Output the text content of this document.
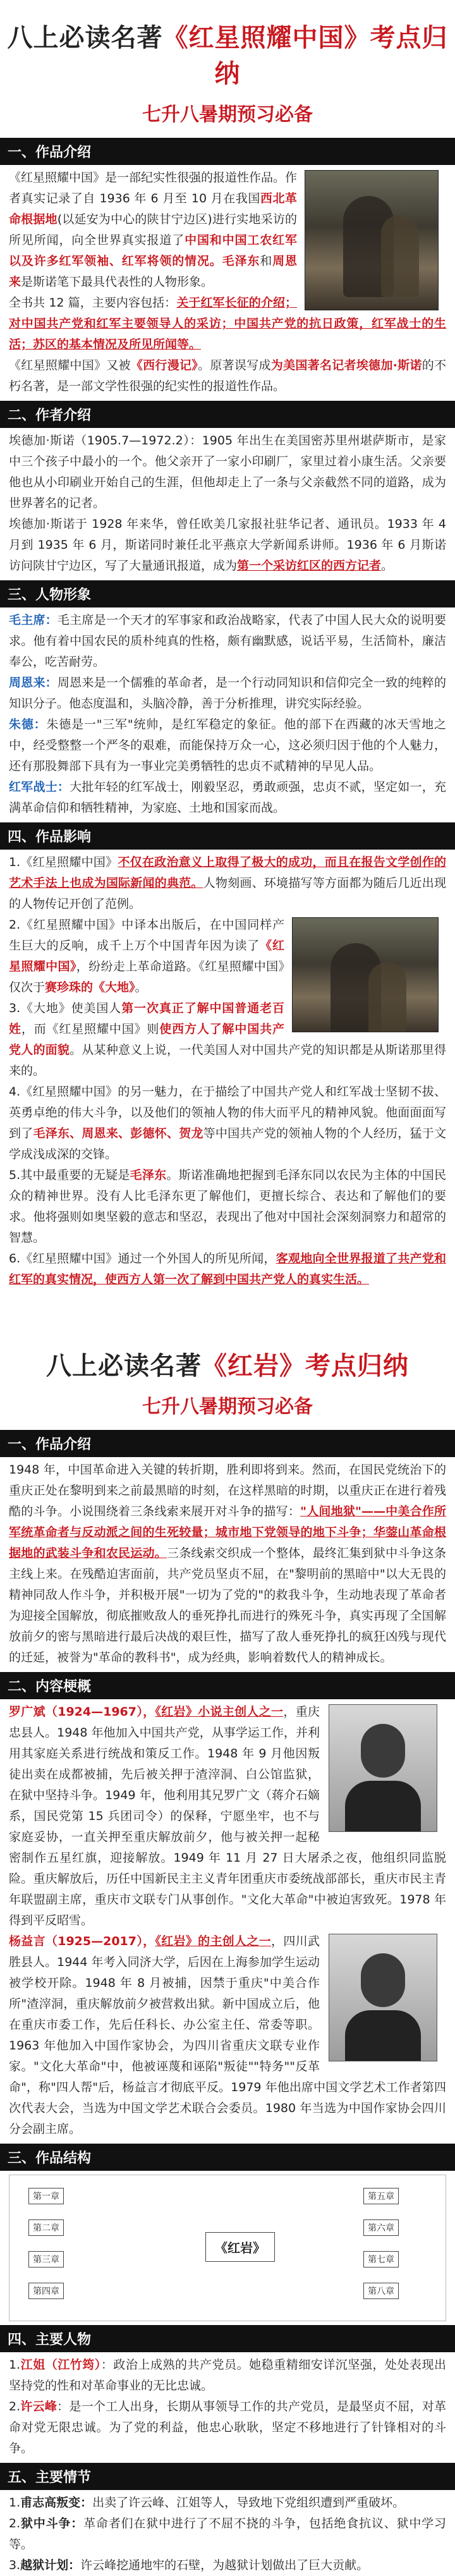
八上必读名著《红星照耀中国》考点归纳
七升八暑期预习必备
一、作品介绍
《红星照耀中国》是一部纪实性很强的报道性作品。作者真实记录了自 1936 年 6 月至 10 月在我国西北革命根据地(以延安为中心的陕甘宁边区)进行实地采访的所见所闻，向全世界真实报道了中国和中国工农红军以及许多红军领袖、红军将领的情况。毛泽东和周恩来是斯诺笔下最具代表性的人物形象。
全书共 12 篇，主要内容包括：关于红军长征的介绍；对中国共产党和红军主要领导人的采访；中国共产党的抗日政策，红军战士的生活；苏区的基本情况及所见所闻等。
《红星照耀中国》又被《西行漫记》。原著误写成为美国著名记者埃德加·斯诺的不朽名著，是一部文学性很强的纪实性的报道性作品。
二、作者介绍
埃德加·斯诺（1905.7—1972.2）：1905 年出生在美国密苏里州堪萨斯市，是家中三个孩子中最小的一个。他父亲开了一家小印刷厂，家里过着小康生活。父亲要他也从小印刷业开始自己的生涯，但他却走上了一条与父亲截然不同的道路，成为世界著名的记者。
埃德加·斯诺于 1928 年来华，曾任欧美几家报社驻华记者、通讯员。1933 年 4 月到 1935 年 6 月，斯诺同时兼任北平燕京大学新闻系讲师。1936 年 6 月斯诺访问陕甘宁边区，写了大量通讯报道，成为第一个采访红区的西方记者。
三、人物形象
毛主席：毛主席是一个天才的军事家和政治战略家，代表了中国人民大众的说明要求。他有着中国农民的质朴纯真的性格，颇有幽默感，说话平易，生活简朴，廉洁奉公，吃苦耐劳。
周恩来：周恩来是一个儒雅的革命者，是一个行动同知识和信仰完全一致的纯粹的知识分子。他态度温和，头脑冷静，善于分析推理，讲究实际经验。
朱德：朱德是一"三军"统帅，是红军稳定的象征。他的部下在西藏的冰天雪地之中，经受整整一个严冬的艰难，而能保持万众一心，这必须归因于他的个人魅力，还有那股舞部下具有为一事业完美勇牺牲的忠贞不贰精神的早见人品。
红军战士：大批年轻的红军战士，刚毅坚忍，勇敢顽强，忠贞不贰，坚定如一，充满革命信仰和牺牲精神，为家庭、土地和国家而战。
四、作品影响
1.《红星照耀中国》不仅在政治意义上取得了极大的成功，而且在报告文学创作的艺术手法上也成为国际新闻的典范。人物刻画、环境描写等方面都为随后几近出现的人物传记开创了范例。

2.《红星照耀中国》中译本出版后，在中国同样产生巨大的反响，成千上万个中国青年因为读了《红星照耀中国》，纷纷走上革命道路。《红星照耀中国》仅次于赛珍珠的《大地》。
3.《大地》使美国人第一次真正了解中国普通老百姓，而《红星照耀中国》则使西方人了解中国共产党人的面貌。从某种意义上说，一代美国人对中国共产党的知识都是从斯诺那里得来的。
4.《红星照耀中国》的另一魅力，在于描绘了中国共产党人和红军战士坚韧不拔、英勇卓绝的伟大斗争，以及他们的领袖人物的伟大而平凡的精神风貌。他面面面写到了毛泽东、周恩来、彭德怀、贺龙等中国共产党的领袖人物的个人经历，猛于文学成浅成深的交锋。
5.其中最重要的无疑是毛泽东。斯诺准确地把握到毛泽东同以农民为主体的中国民众的精神世界。没有人比毛泽东更了解他们，更擅长综合、表达和了解他们的要求。他将强则如奥坚毅的意志和坚忍，表现出了他对中国社会深刻洞察力和超常的智慧。
6.《红星照耀中国》通过一个外国人的所见所闻，客观地向全世界报道了共产党和红军的真实情况，使西方人第一次了解到中国共产党人的真实生活。
八上必读名著《红岩》考点归纳
七升八暑期预习必备
一、作品介绍
1948 年，中国革命进入关键的转折期，胜利即将到来。然而，在国民党统治下的重庆正处在黎明到来之前最黑暗的时刻，在这样黑暗的时期，以重庆正在进行着残酷的斗争。小说围绕着三条线索来展开对斗争的描写："人间地狱"——中美合作所军统革命者与反动派之间的生死较量；城市地下党领导的地下斗争；华蓥山革命根据地的武装斗争和农民运动。三条线索交织成一个整体，最终汇集到狱中斗争这条主线上来。在残酷迫害面前，共产党员坚贞不屈，在"黎明前的黑暗中"以大无畏的精神同敌人作斗争，并积极开展"一切为了党的"的救我斗争，生动地表现了革命者为迎接全国解放，彻底摧败敌人的垂死挣扎而进行的殊死斗争，真实再现了全国解放前夕的密与黑暗进行最后决战的艰巨性，描写了敌人垂死挣扎的疯狂凶残与现代的迁延，被誉为"革命的教科书"，成为经典，影响着数代人的精神成长。
二、内容梗概
罗广斌（1924—1967），《红岩》小说主创人之一，重庆忠县人。1948 年他加入中国共产党，从事学运工作，并利用其家庭关系进行统战和策反工作。1948 年 9 月他因叛徒出卖在成都被捕，先后被关押于渣滓洞、白公馆监狱，在狱中坚持斗争。1949 年，他利用其兄罗广文（蒋介石嫡系，国民党第 15 兵团司令）的保释，宁愿坐牢，也不与家庭妥协，一直关押至重庆解放前夕，他与被关押一起秘密制作五星红旗，迎接解放。1949 年 11 月 27 日大屠杀之夜，他组织同监脱险。重庆解放后，历任中国新民主主义青年团重庆市委统战部部长，重庆市民主青年联盟副主席，重庆市文联专门从事创作。"文化大革命"中被迫害致死。1978 年得到平反昭雪。

杨益言（1925—2017），《红岩》的主创人之一，四川武胜县人。1944 年考入同济大学，后因在上海参加学生运动被学校开除。1948 年 8 月被捕，因禁于重庆"中美合作所"渣滓洞，重庆解放前夕被营救出狱。新中国成立后，他在重庆市委工作，先后任科长、办公室主任、常委等职。1963 年他加入中国作家协会，为四川省重庆文联专业作家。"文化大革命"中，他被诬蔑和诬陷"叛徒""特务""反革命"，称"四人帮"后，杨益言才彻底平反。1979 年他出席中国文学艺术工作者第四次代表大会，当选为中国文学艺术联合会委员。1980 年当选为中国作家协会四川分会副主席。
三、作品结构
《红岩》
第一章
第二章
第三章
第四章
第五章
第六章
第七章
第八章
四、主要人物
1.江姐（江竹筠）：政治上成熟的共产党员。她稳重精细安详沉坚强，处处表现出坚持党的性和对革命事业的无比忠诚。
2.许云峰：是一个工人出身，长期从事领导工作的共产党员，是最坚贞不屈，对革命对党无限忠诚。为了党的利益，他忠心耿耿，坚定不移地进行了针锋相对的斗争。
五、主要情节
1.甫志高叛变：出卖了许云峰、江姐等人，导致地下党组织遭到严重破坏。
2.狱中斗争：革命者们在狱中进行了不屈不挠的斗争，包括绝食抗议、狱中学习等。
3.越狱计划：许云峰挖通地牢的石壁，为越狱计划做出了巨大贡献。
